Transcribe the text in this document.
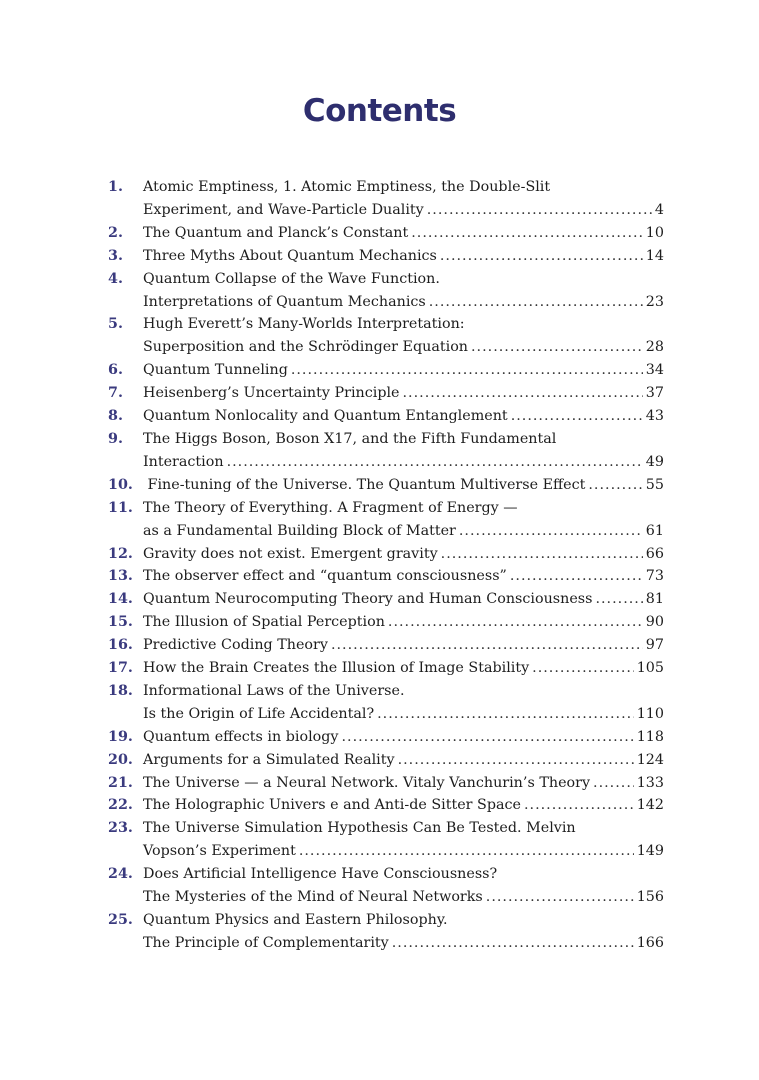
Contents
1. Atomic Emptiness, 1. Atomic Emptiness, the Double-Slit
Experiment, and Wave-Particle Duality .....	4
2. The Quantum and Planck’s Constant .....	10
3. Three Myths About Quantum Mechanics .....	14
4. Quantum Collapse of the Wave Function.
Interpretations of Quantum Mechanics .....	23
5. Hugh Everett’s Many-Worlds Interpretation:
Superposition and the Schrödinger Equation .....	28
6. Quantum Tunneling .....	34
7. Heisenberg’s Uncertainty Principle .....	37
8. Quantum Nonlocality and Quantum Entanglement .....	43
9. The Higgs Boson, Boson X17, and the Fifth Fundamental
Interaction .....	49
10. Fine-tuning of the Universe. The Quantum Multiverse Effect .....	55
11. The Theory of Everything. A Fragment of Energy —
as a Fundamental Building Block of Matter .....	61
12. Gravity does not exist. Emergent gravity .....	66
13. The observer effect and “quantum consciousness” .....	73
14. Quantum Neurocomputing Theory and Human Consciousness .....	81
15. The Illusion of Spatial Perception .....	90
16. Predictive Coding Theory .....	97
17. How the Brain Creates the Illusion of Image Stability .....	105
18. Informational Laws of the Universe.
Is the Origin of Life Accidental? .....	110
19. Quantum effects in biology .....	118
20. Arguments for a Simulated Reality .....	124
21. The Universe — a Neural Network. Vitaly Vanchurin’s Theory .....	133
22. The Holographic Univers e and Anti-de Sitter Space .....	142
23. The Universe Simulation Hypothesis Can Be Tested. Melvin
Vopson’s Experiment .....	149
24. Does Artificial Intelligence Have Consciousness?
The Mysteries of the Mind of Neural Networks .....	156
25. Quantum Physics and Eastern Philosophy.
The Principle of Complementarity .....	166
